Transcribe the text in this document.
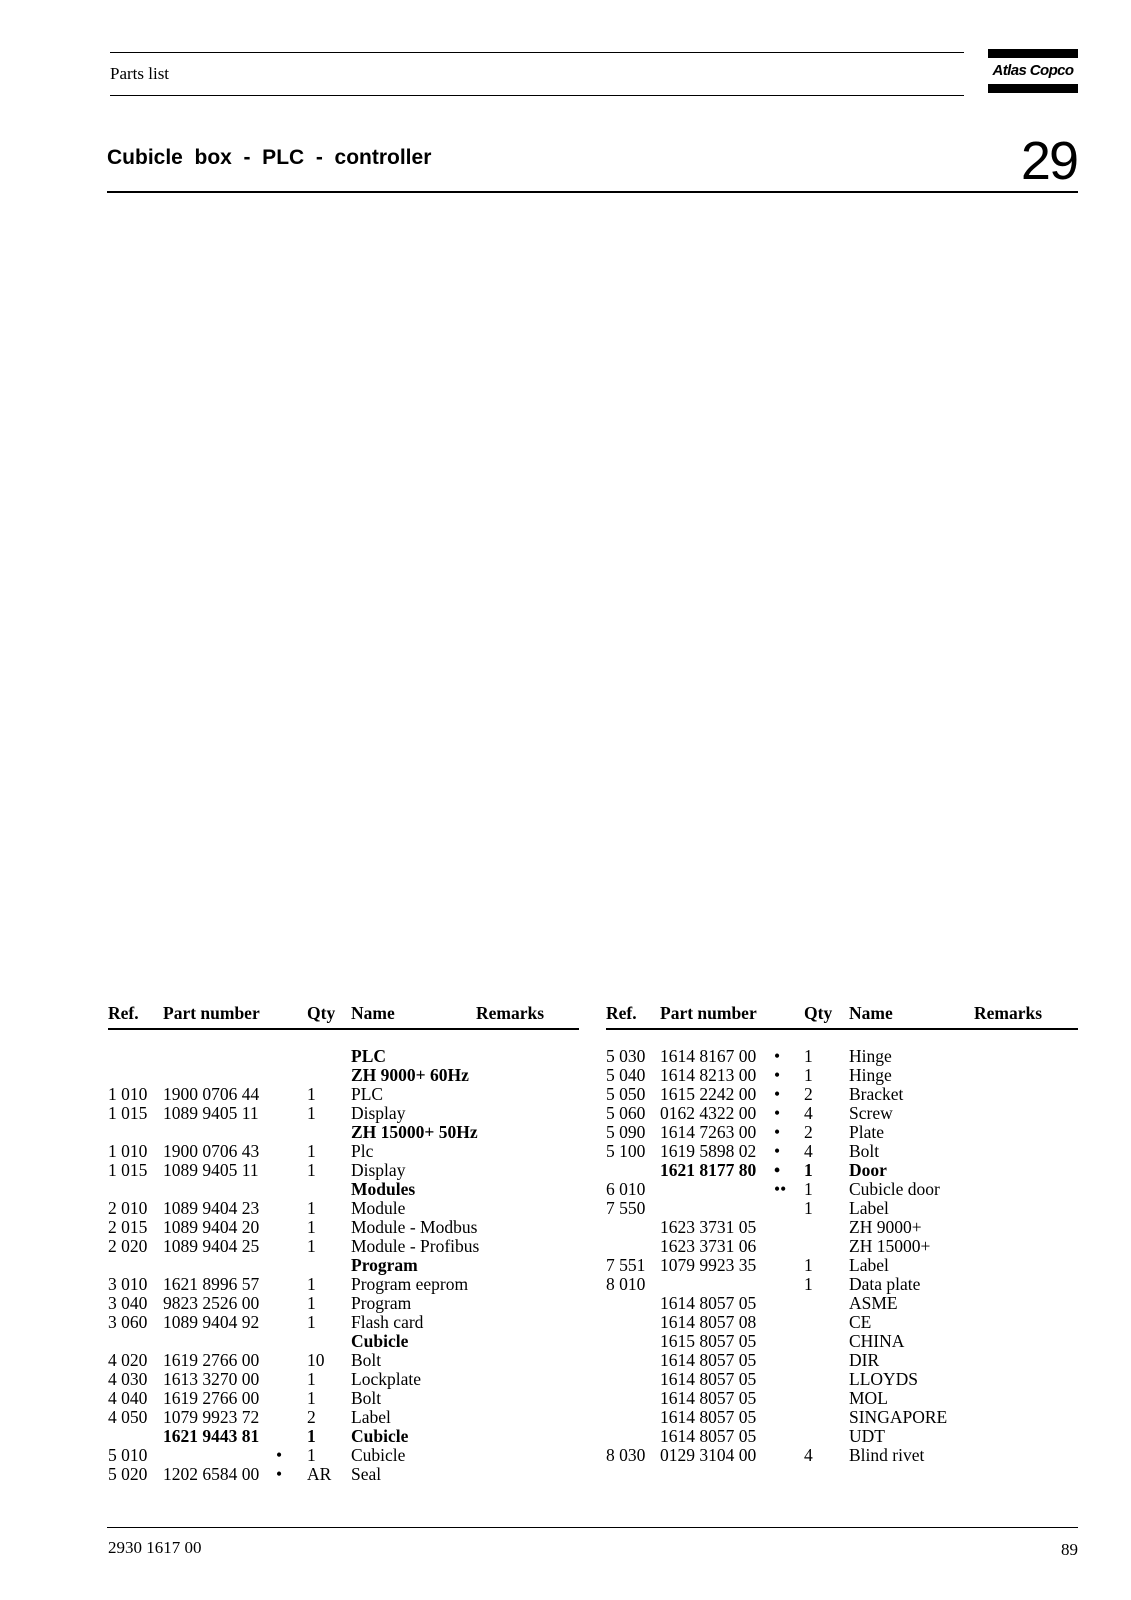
Parts list	Atlas Copco
Cubicle  box  -  PLC  -  controller	29
Ref. Part number	Qty Name	Remarks
PLC
ZH 9000+ 60Hz
1 010 1900 0706 44	1 PLC
1 015 1089 9405 11	1 Display
ZH 15000+ 50Hz
1 010 1900 0706 43	1 Plc
1 015 1089 9405 11	1 Display
Modules
2 010 1089 9404 23	1 Module
2 015 1089 9404 20	1 Module - Modbus
2 020 1089 9404 25	1 Module - Profibus
Program
3 010 1621 8996 57	1 Program eeprom
3 040 9823 2526 00	1 Program
3 060 1089 9404 92	1 Flash card
Cubicle
4 020 1619 2766 00	10 Bolt
4 030 1613 3270 00	1 Lockplate
4 040 1619 2766 00	1 Bolt
4 050 1079 9923 72	2 Label
1621 9443 81	1 Cubicle
5 010	• 1 Cubicle
5 020 1202 6584 00 • AR Seal
Ref. Part number	Qty Name	Remarks
5 030 1614 8167 00 • 1 Hinge
5 040 1614 8213 00 • 1 Hinge
5 050 1615 2242 00 • 2 Bracket
5 060 0162 4322 00 • 4 Screw
5 090 1614 7263 00 • 2 Plate
5 100 1619 5898 02 • 4 Bolt
1621 8177 80 • 1 Door
6 010	•• 1 Cubicle door
7 550	1 Label
1623 3731 05	ZH 9000+
1623 3731 06	ZH 15000+
7 551 1079 9923 35	1 Label
8 010	1 Data plate
1614 8057 05	ASME
1614 8057 08	CE
1615 8057 05	CHINA
1614 8057 05	DIR
1614 8057 05	LLOYDS
1614 8057 05	MOL
1614 8057 05	SINGAPORE
1614 8057 05	UDT
8 030 0129 3104 00	4 Blind rivet
2930 1617 00	89
